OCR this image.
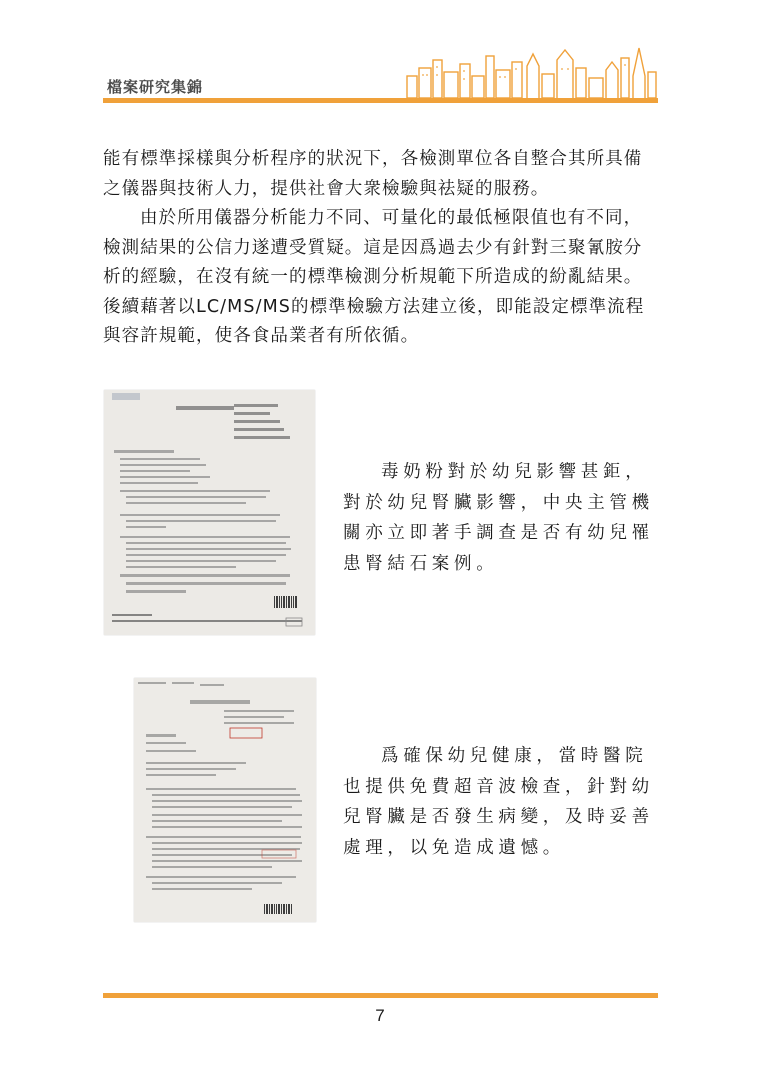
檔案研究集錦

能有標準採樣與分析程序的狀況下，各檢測單位各自整合其所具備之儀器與技術人力，提供社會大衆檢驗與祛疑的服務。

由於所用儀器分析能力不同、可量化的最低極限值也有不同，檢測結果的公信力遂遭受質疑。這是因爲過去少有針對三聚氰胺分析的經驗，在沒有統一的標準檢測分析規範下所造成的紛亂結果。後續藉著以LC/MS/MS的標準檢驗方法建立後，即能設定標準流程與容許規範，使各食品業者有所依循。

毒奶粉對於幼兒影響甚鉅，對於幼兒腎臟影響，中央主管機關亦立即著手調查是否有幼兒罹患腎結石案例。
爲確保幼兒健康，當時醫院也提供免費超音波檢查，針對幼兒腎臟是否發生病變，及時妥善處理，以免造成遺憾。
7
